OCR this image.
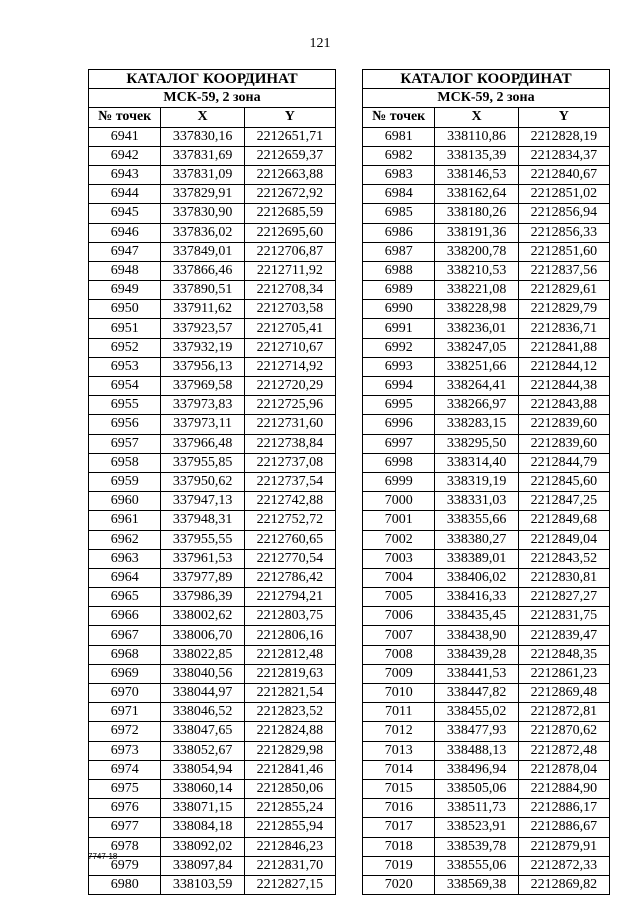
121
КАТАЛОГ КООРДИНАТ		
МСК-59, 2 зона		
№ точек	X	Y
6941	337830,16	2212651,71
6942	337831,69	2212659,37
6943	337831,09	2212663,88
6944	337829,91	2212672,92
6945	337830,90	2212685,59
6946	337836,02	2212695,60
6947	337849,01	2212706,87
6948	337866,46	2212711,92
6949	337890,51	2212708,34
6950	337911,62	2212703,58
6951	337923,57	2212705,41
6952	337932,19	2212710,67
6953	337956,13	2212714,92
6954	337969,58	2212720,29
6955	337973,83	2212725,96
6956	337973,11	2212731,60
6957	337966,48	2212738,84
6958	337955,85	2212737,08
6959	337950,62	2212737,54
6960	337947,13	2212742,88
6961	337948,31	2212752,72
6962	337955,55	2212760,65
6963	337961,53	2212770,54
6964	337977,89	2212786,42
6965	337986,39	2212794,21
6966	338002,62	2212803,75
6967	338006,70	2212806,16
6968	338022,85	2212812,48
6969	338040,56	2212819,63
6970	338044,97	2212821,54
6971	338046,52	2212823,52
6972	338047,65	2212824,88
6973	338052,67	2212829,98
6974	338054,94	2212841,46
6975	338060,14	2212850,06
6976	338071,15	2212855,24
6977	338084,18	2212855,94
6978	338092,02	2212846,23
6979	338097,84	2212831,70
6980	338103,59	2212827,15
КАТАЛОГ КООРДИНАТ		
МСК-59, 2 зона		
№ точек	X	Y
6981	338110,86	2212828,19
6982	338135,39	2212834,37
6983	338146,53	2212840,67
6984	338162,64	2212851,02
6985	338180,26	2212856,94
6986	338191,36	2212856,33
6987	338200,78	2212851,60
6988	338210,53	2212837,56
6989	338221,08	2212829,61
6990	338228,98	2212829,79
6991	338236,01	2212836,71
6992	338247,05	2212841,88
6993	338251,66	2212844,12
6994	338264,41	2212844,38
6995	338266,97	2212843,88
6996	338283,15	2212839,60
6997	338295,50	2212839,60
6998	338314,40	2212844,79
6999	338319,19	2212845,60
7000	338331,03	2212847,25
7001	338355,66	2212849,68
7002	338380,27	2212849,04
7003	338389,01	2212843,52
7004	338406,02	2212830,81
7005	338416,33	2212827,27
7006	338435,45	2212831,75
7007	338438,90	2212839,47
7008	338439,28	2212848,35
7009	338441,53	2212861,23
7010	338447,82	2212869,48
7011	338455,02	2212872,81
7012	338477,93	2212870,62
7013	338488,13	2212872,48
7014	338496,94	2212878,04
7015	338505,06	2212884,90
7016	338511,73	2212886,17
7017	338523,91	2212886,67
7018	338539,78	2212879,91
7019	338555,06	2212872,33
7020	338569,38	2212869,82
7747-18
